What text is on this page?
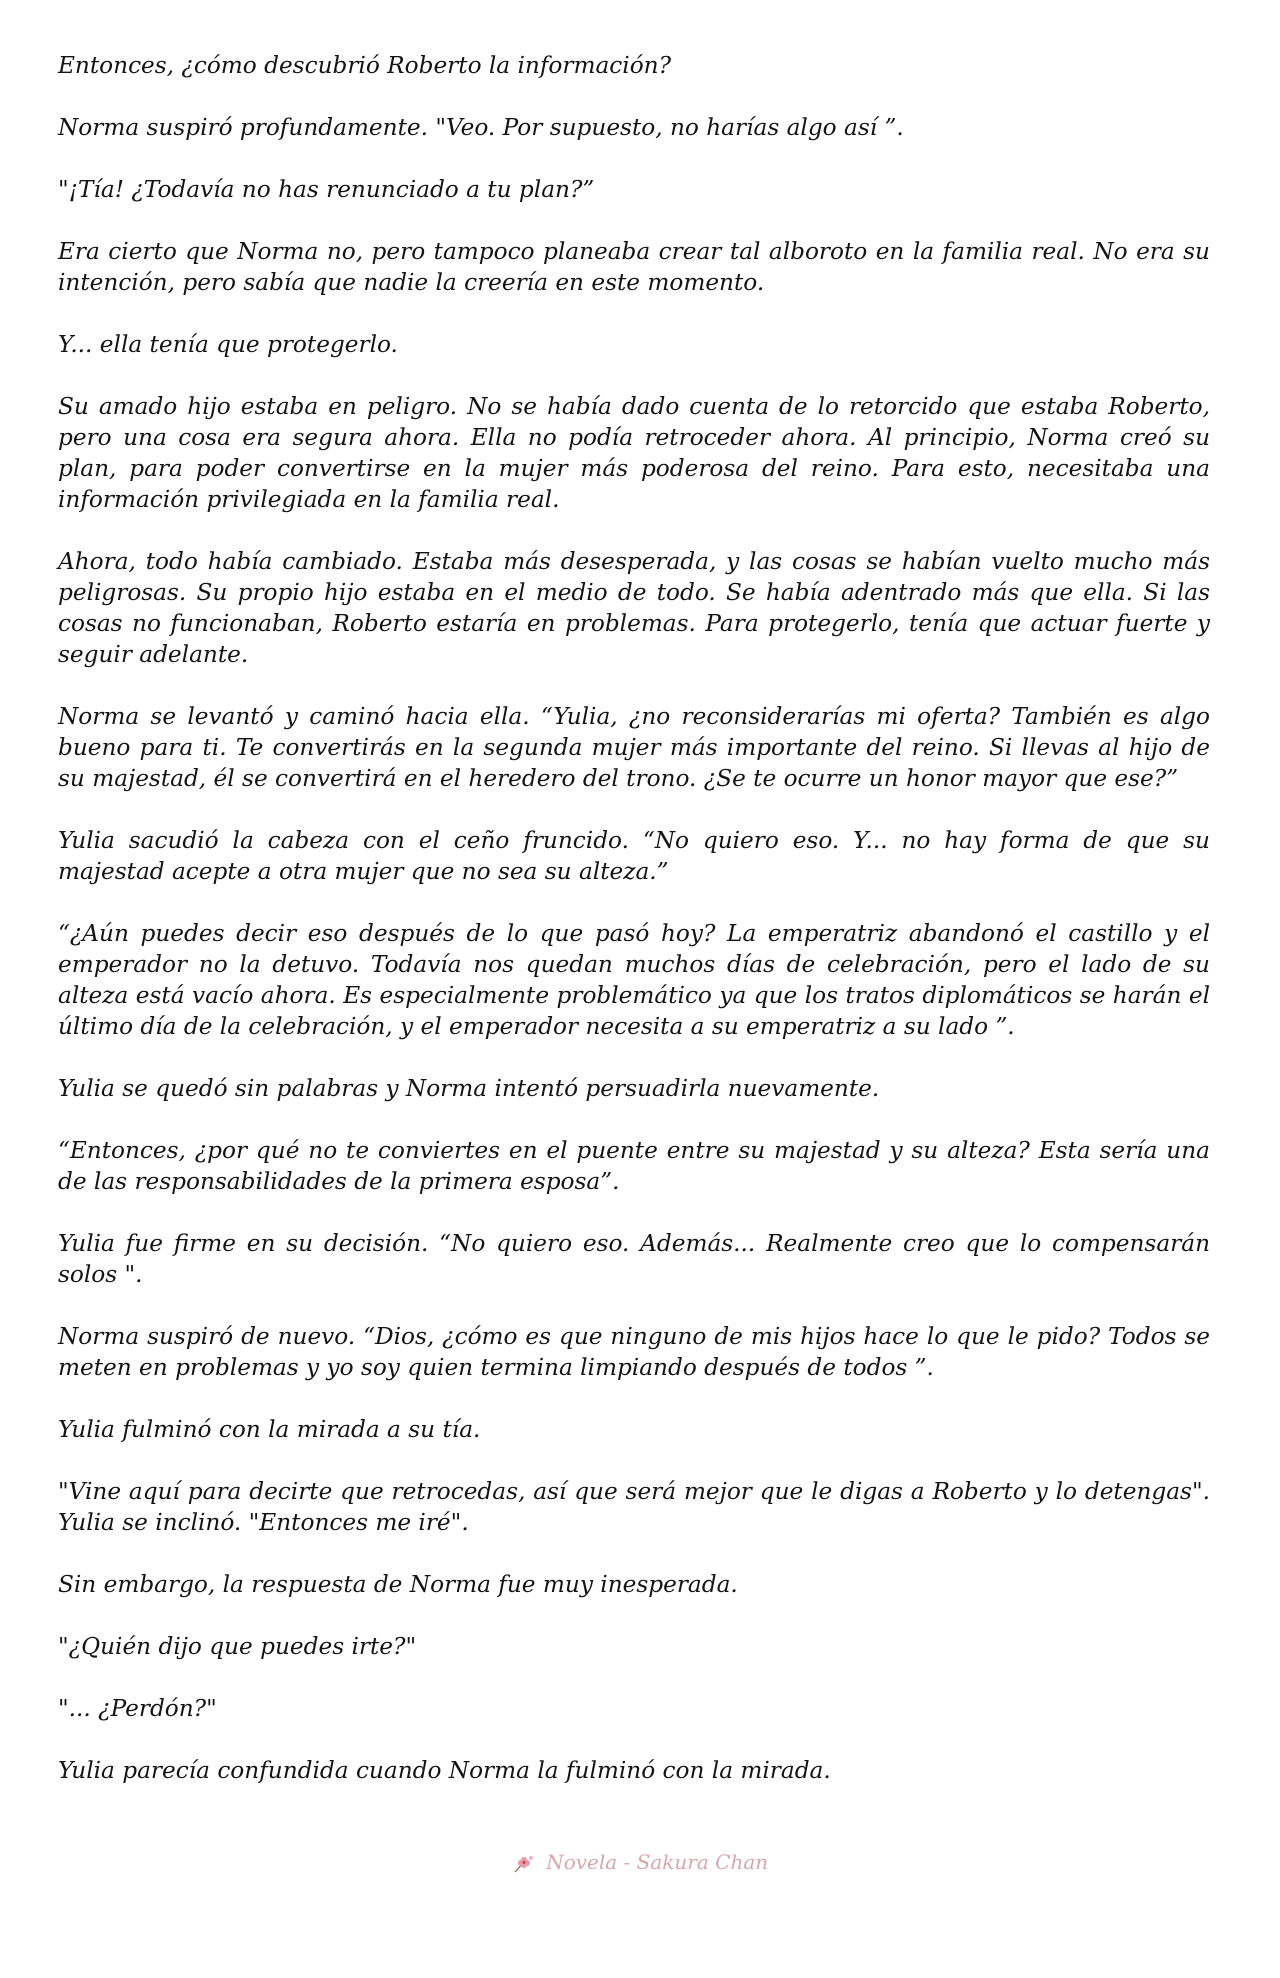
Entonces, ¿cómo descubrió Roberto la información?

Norma suspiró profundamente. "Veo. Por supuesto, no harías algo así ”.

"¡Tía! ¿Todavía no has renunciado a tu plan?”

Era cierto que Norma no, pero tampoco planeaba crear tal alboroto en la familia real. No era su intención, pero sabía que nadie la creería en este momento.

Y... ella tenía que protegerlo.

Su amado hijo estaba en peligro. No se había dado cuenta de lo retorcido que estaba Roberto, pero una cosa era segura ahora. Ella no podía retroceder ahora. Al principio, Norma creó su plan, para poder convertirse en la mujer más poderosa del reino. Para esto, necesitaba una información privilegiada en la familia real.

Ahora, todo había cambiado. Estaba más desesperada, y las cosas se habían vuelto mucho más peligrosas. Su propio hijo estaba en el medio de todo. Se había adentrado más que ella. Si las cosas no funcionaban, Roberto estaría en problemas. Para protegerlo, tenía que actuar fuerte y seguir adelante.

Norma se levantó y caminó hacia ella. “Yulia, ¿no reconsiderarías mi oferta? También es algo bueno para ti. Te convertirás en la segunda mujer más importante del reino. Si llevas al hijo de su majestad, él se convertirá en el heredero del trono. ¿Se te ocurre un honor mayor que ese?”

Yulia sacudió la cabeza con el ceño fruncido. “No quiero eso. Y... no hay forma de que su majestad acepte a otra mujer que no sea su alteza.”

“¿Aún puedes decir eso después de lo que pasó hoy? La emperatriz abandonó el castillo y el emperador no la detuvo. Todavía nos quedan muchos días de celebración, pero el lado de su alteza está vacío ahora. Es especialmente problemático ya que los tratos diplomáticos se harán el último día de la celebración, y el emperador necesita a su emperatriz a su lado ”.

Yulia se quedó sin palabras y Norma intentó persuadirla nuevamente.

“Entonces, ¿por qué no te conviertes en el puente entre su majestad y su alteza? Esta sería una de las responsabilidades de la primera esposa”.

Yulia fue firme en su decisión. “No quiero eso. Además... Realmente creo que lo compensarán solos ".

Norma suspiró de nuevo. “Dios, ¿cómo es que ninguno de mis hijos hace lo que le pido? Todos se meten en problemas y yo soy quien termina limpiando después de todos ”.

Yulia fulminó con la mirada a su tía.

"Vine aquí para decirte que retrocedas, así que será mejor que le digas a Roberto y lo detengas". Yulia se inclinó. "Entonces me iré".

Sin embargo, la respuesta de Norma fue muy inesperada.

"¿Quién dijo que puedes irte?"

"... ¿Perdón?"

Yulia parecía confundida cuando Norma la fulminó con la mirada.

Novela - Sakura Chan
